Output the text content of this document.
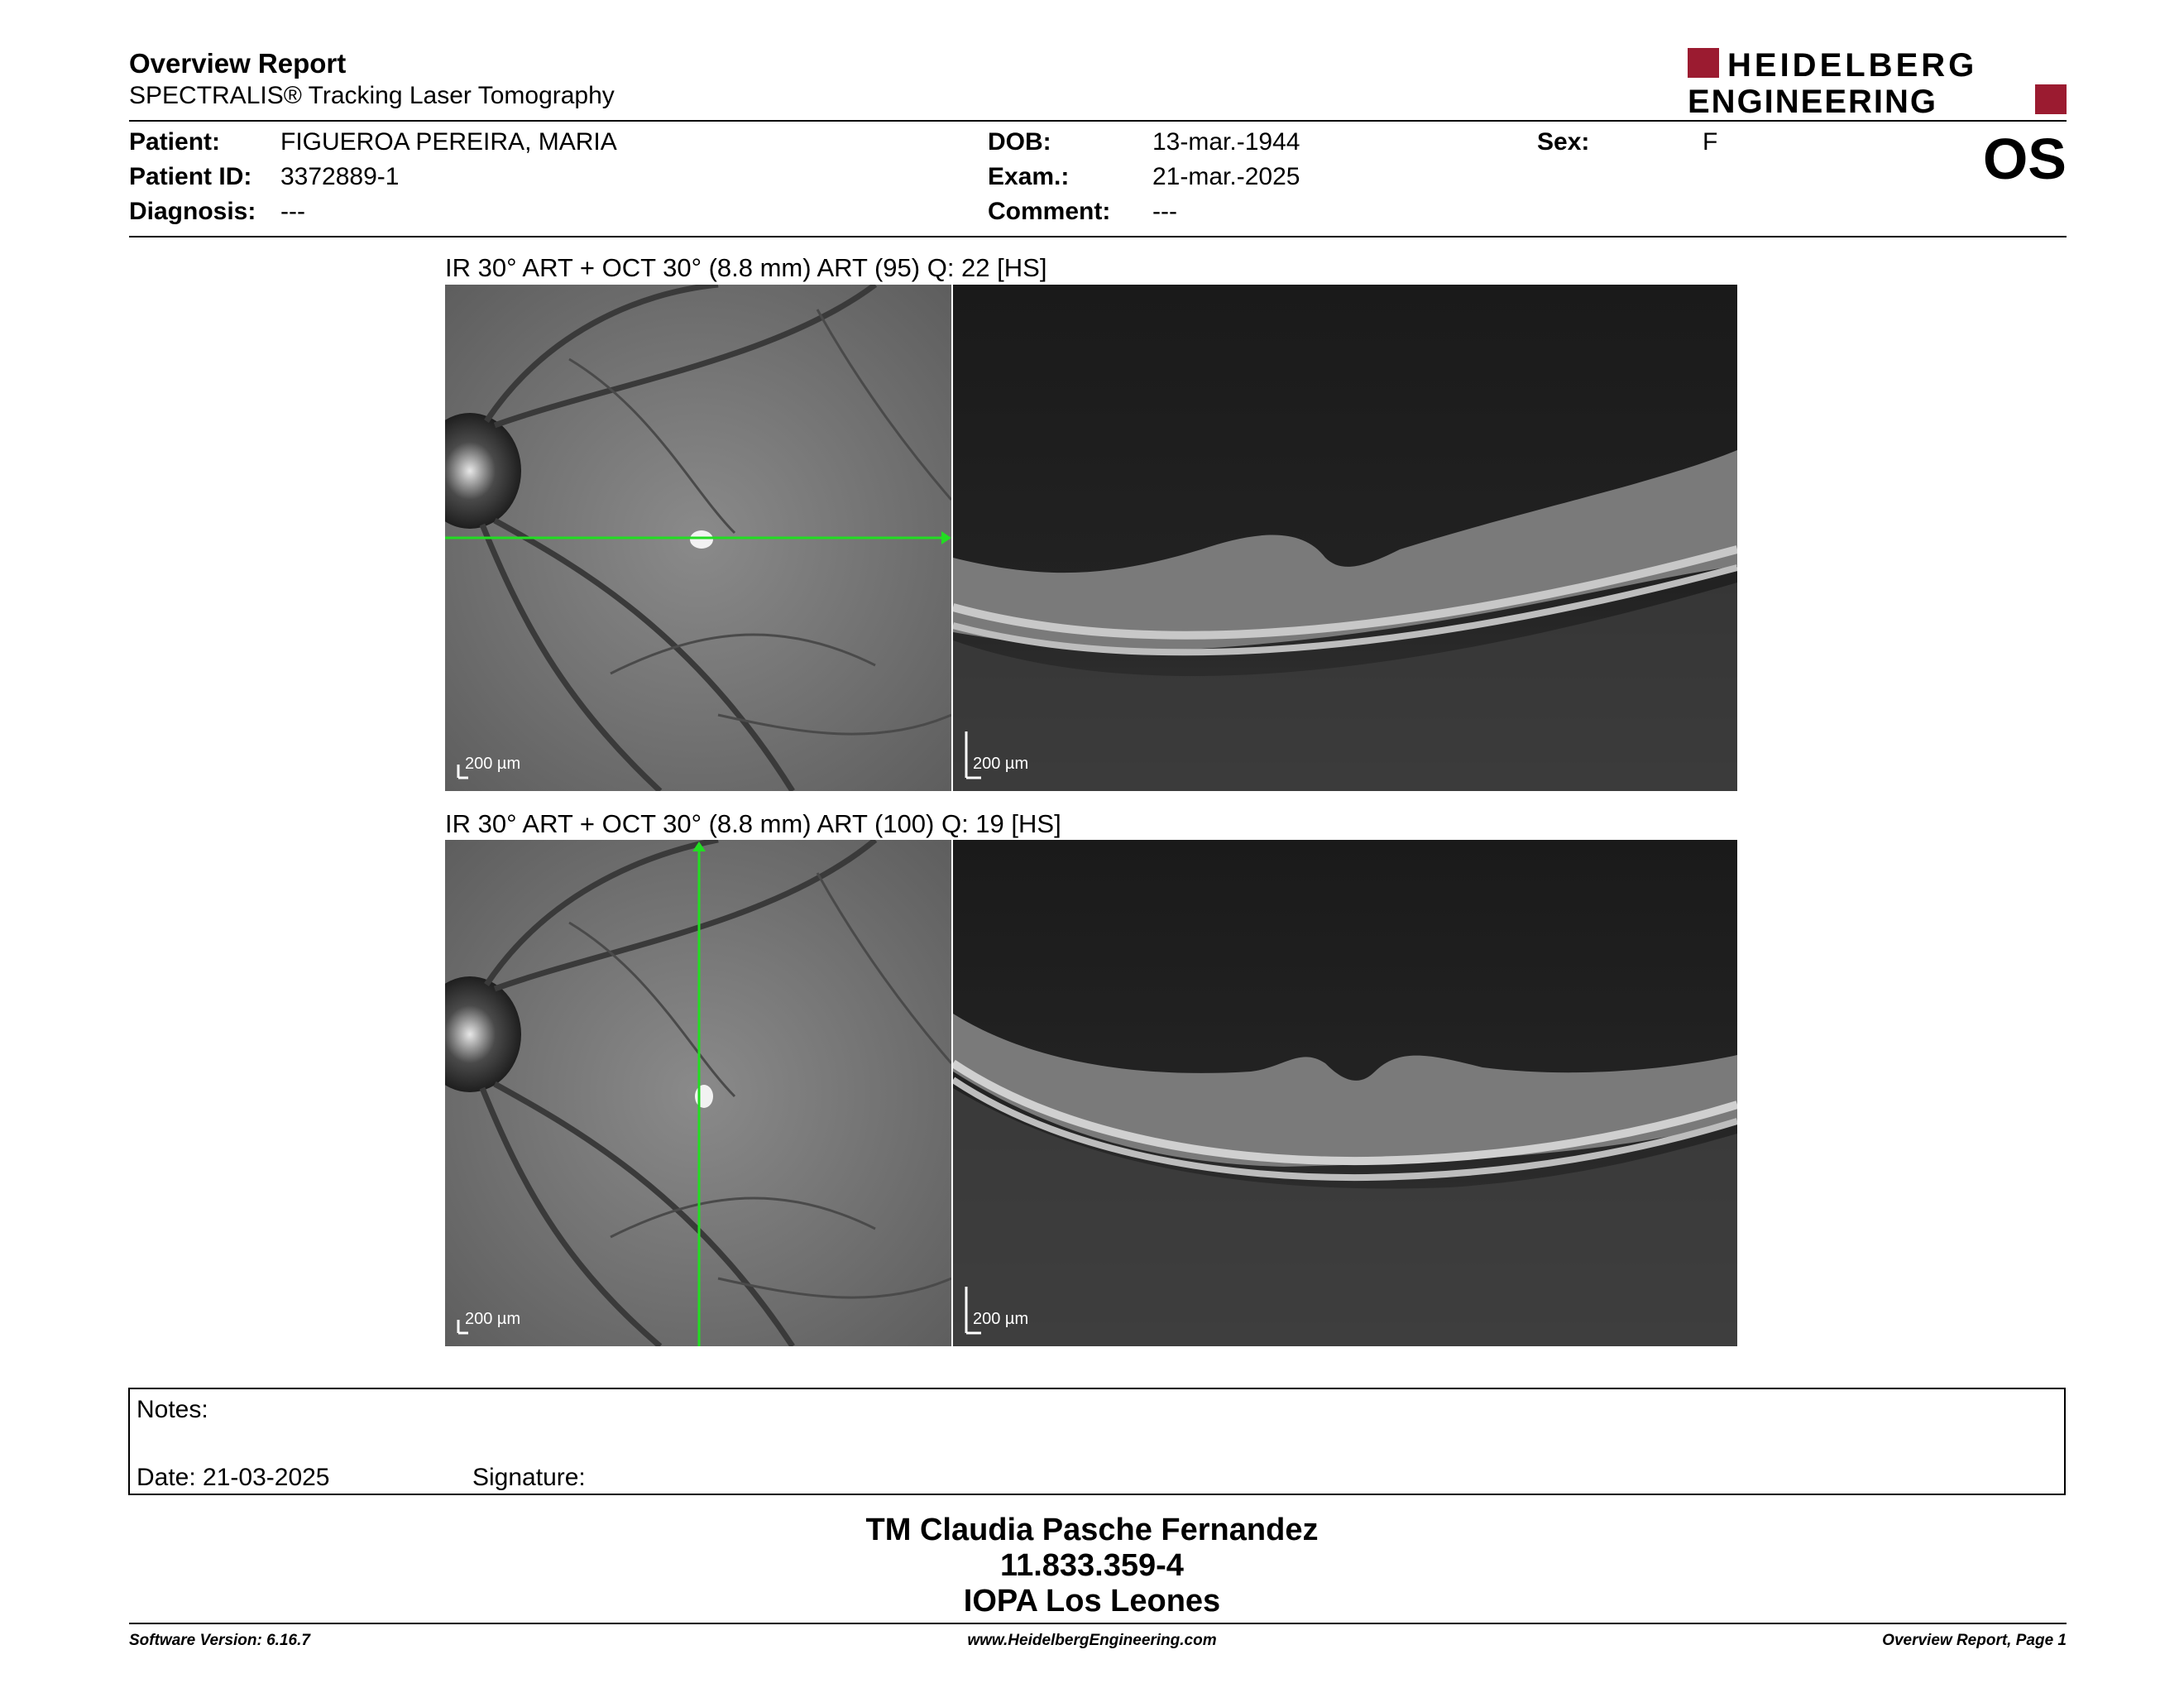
Overview Report
SPECTRALIS® Tracking Laser Tomography
HEIDELBERG
ENGINEERING
Patient: FIGUEROA PEREIRA, MARIA
Patient ID: 3372889-1
Diagnosis: ---
DOB:	13-mar.-1944
Exam.:	21-mar.-2025
Comment: ---
Sex:	F	OS
IR 30° ART + OCT 30° (8.8 mm) ART (95) Q: 22 [HS]
200 µm	200 µm
IR 30° ART + OCT 30° (8.8 mm) ART (100) Q: 19 [HS]
200 µm	200 µm
Notes:
Date: 21-03-2025	Signature:
TM Claudia Pasche Fernandez
11.833.359-4
IOPA Los Leones
Software Version: 6.16.7	www.HeidelbergEngineering.com	Overview Report, Page 1
